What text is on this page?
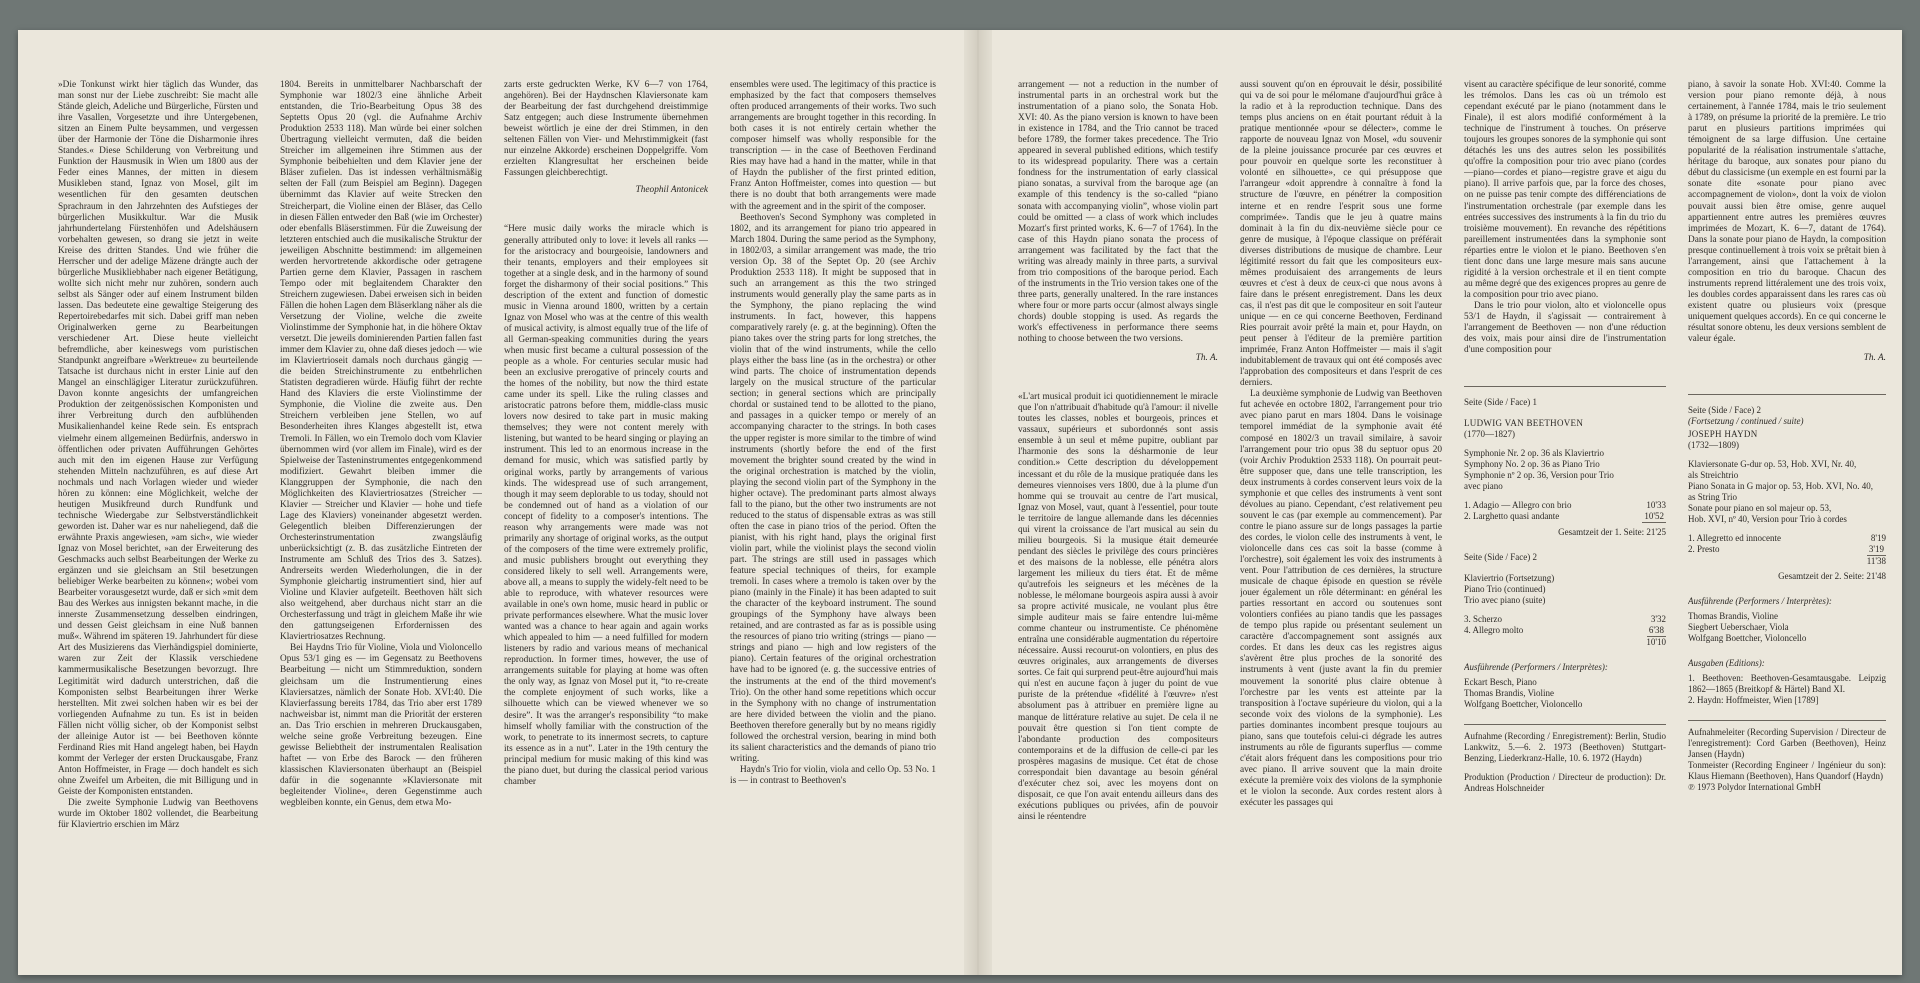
»Die Tonkunst wirkt hier täglich das Wunder, das man sonst nur der Liebe zuschreibt: Sie macht alle Stände gleich, Adeliche und Bürgerliche, Fürsten und ihre Vasallen, Vorgesetzte und ihre Untergebenen, sitzen an Einem Pulte beysammen, und vergessen über der Harmonie der Töne die Disharmonie ihres Standes.« Diese Schilderung von Verbreitung und Funktion der Hausmusik in Wien um 1800 aus der Feder eines Mannes, der mitten in diesem Musikleben stand, Ignaz von Mosel, gilt im wesentlichen für den gesamten deutschen Sprachraum in den Jahrzehnten des Aufstieges der bürgerlichen Musikkultur. War die Musik jahrhundertelang Fürstenhöfen und Adelshäusern vorbehalten gewesen, so drang sie jetzt in weite Kreise des dritten Standes. Und wie früher die Herrscher und der adelige Mäzene drängte auch der bürgerliche Musikliebhaber nach eigener Betätigung, wollte sich nicht mehr nur zuhören, sondern auch selbst als Sänger oder auf einem Instrument bilden lassen. Das bedeutete eine gewaltige Steigerung des Repertoirebedarfes mit sich. Dabei griff man neben Originalwerken gerne zu Bearbeitungen verschiedener Art. Diese heute vielleicht befremdliche, aber keineswegs vom puristischen Standpunkt angreifbare »Werktreue« zu beurteilende Tatsache ist durchaus nicht in erster Linie auf den Mangel an einschlägiger Literatur zurückzuführen. Davon konnte angesichts der umfangreichen Produktion der zeitgenössischen Komponisten und ihrer Verbreitung durch den aufblühenden Musikalienhandel keine Rede sein. Es entsprach vielmehr einem allgemeinen Bedürfnis, anderswo in öffentlichen oder privaten Aufführungen Gehörtes auch mit den im eigenen Hause zur Verfügung stehenden Mitteln nachzuführen, es auf diese Art nochmals und nach Vorlagen wieder und wieder hören zu können: eine Möglichkeit, welche der heutigen Musikfreund durch Rundfunk und technische Wiedergabe zur Selbstverständlichkeit geworden ist. Daher war es nur naheliegend, daß die erwähnte Praxis angewiesen, »am sich«, wie wieder Ignaz von Mosel berichtet, »an der Erweiterung des Geschmacks auch selbst Bearbeitungen der Werke zu ergänzen und sie gleichsam an Stil besetzungen beliebiger Werke bearbeiten zu können«; wobei vom Bearbeiter vorausgesetzt wurde, daß er sich »mit dem Bau des Werkes aus innigsten bekannt mache, in die innerste Zusammensetzung desselben eindringen, und dessen Geist gleichsam in eine Nuß bannen muß«. Während im späteren 19. Jahrhundert für diese Art des Musizierens das Vierhändigspiel dominierte, waren zur Zeit der Klassik verschiedene kammermusikalische Besetzungen bevorzugt. Ihre Legitimität wird dadurch unterstrichen, daß die Komponisten selbst Bearbeitungen ihrer Werke herstellten. Mit zwei solchen haben wir es bei der vorliegenden Aufnahme zu tun. Es ist in beiden Fällen nicht völlig sicher, ob der Komponist selbst der alleinige Autor ist — bei Beethoven könnte Ferdinand Ries mit Hand angelegt haben, bei Haydn kommt der Verleger der ersten Druckausgabe, Franz Anton Hoffmeister, in Frage — doch handelt es sich ohne Zweifel um Arbeiten, die mit Billigung und in Geiste der Komponisten entstanden.

Die zweite Symphonie Ludwig van Beethovens wurde im Oktober 1802 vollendet, die Bearbeitung für Klaviertrio erschien im März

1804. Bereits in unmittelbarer Nachbarschaft der Symphonie war 1802/3 eine ähnliche Arbeit entstanden, die Trio-Bearbeitung Opus 38 des Septetts Opus 20 (vgl. die Aufnahme Archiv Produktion 2533 118). Man würde bei einer solchen Übertragung vielleicht vermuten, daß die beiden Streicher im allgemeinen ihre Stimmen aus der Symphonie beibehielten und dem Klavier jene der Bläser zufielen. Das ist indessen verhältnismäßig selten der Fall (zum Beispiel am Beginn). Dagegen übernimmt das Klavier auf weite Strecken den Streicherpart, die Violine einen der Bläser, das Cello in diesen Fällen entweder den Baß (wie im Orchester) oder ebenfalls Bläserstimmen. Für die Zuweisung der letzteren entschied auch die musikalische Struktur der jeweiligen Abschnitte bestimmend: im allgemeinen werden hervortretende akkordische oder getragene Partien gerne dem Klavier, Passagen in raschem Tempo oder mit beglaitendem Charakter den Streichern zugewiesen. Dabei erweisen sich in beiden Fällen die hohen Lagen dem Bläserklang näher als die Versetzung der Violine, welche die zweite Violinstimme der Symphonie hat, in die höhere Oktav versetzt. Die jeweils dominierenden Partien fallen fast immer dem Klavier zu, ohne daß dieses jedoch — wie im Klaviertrioseit damals noch durchaus gängig — die beiden Streichinstrumente zu entbehrlichen Statisten degradieren würde. Häufig führt der rechte Hand des Klaviers die erste Violinstimme der Symphonie, die Violine die zweite aus. Den Streichern verbleiben jene Stellen, wo auf Besonderheiten ihres Klanges abgestellt ist, etwa Tremoli. In Fällen, wo ein Tremolo doch vom Klavier übernommen wird (vor allem im Finale), wird es der Spielweise der Tasteninstrumentes entgegenkommend modifiziert. Gewahrt bleiben immer die Klanggruppen der Symphonie, die nach den Möglichkeiten des Klaviertriosatzes (Streicher — Klavier — Streicher und Klavier — hohe und tiefe Lage des Klaviers) voneinander abgesetzt werden. Gelegentlich bleiben Differenzierungen der Orchesterinstrumentation zwangsläufig unberücksichtigt (z. B. das zusätzliche Eintreten der Instrumente am Schluß des Trios des 3. Satzes). Andrerseits werden Wiederholungen, die in der Symphonie gleichartig instrumentiert sind, hier auf Violine und Klavier aufgeteilt. Beethoven hält sich also weitgehend, aber durchaus nicht starr an die Orchesterfassung und trägt in gleichem Maße ihr wie den gattungseigenen Erfordernissen des Klaviertriosatzes Rechnung.

Bei Haydns Trio für Violine, Viola und Violoncello Opus 53/1 ging es — im Gegensatz zu Beethovens Bearbeitung — nicht um Stimmreduktion, sondern gleichsam um die Instrumentierung eines Klaviersatzes, nämlich der Sonate Hob. XVI:40. Die Klavierfassung bereits 1784, das Trio aber erst 1789 nachweisbar ist, nimmt man die Priorität der ersteren an. Das Trio erschien in mehreren Druckausgaben, welche seine große Verbreitung bezeugen. Eine gewisse Beliebtheit der instrumentalen Realisation haftet — von Erbe des Barock — den früheren klassischen Klaviersonaten überhaupt an (Beispiel dafür in die sogenannte »Klaviersonate mit begleitender Violine«, deren Gegenstimme auch wegbleiben konnte, ein Genus, dem etwa Mo-

zarts erste gedruckten Werke, KV 6—7 von 1764, angehören). Bei der Haydnschen Klaviersonate kam der Bearbeitung der fast durchgehend dreistimmige Satz entgegen; auch diese Instrumente übernehmen beweist wörtlich je eine der drei Stimmen, in den seltenen Fällen von Vier- und Mehrstimmigkeit (fast nur einzelne Akkorde) erscheinen Doppelgriffe. Vom erzielten Klangresultat her erscheinen beide Fassungen gleichberechtigt.

Theophil Antonicek

“Here music daily works the miracle which is generally attributed only to love: it levels all ranks — for the aristocracy and bourgeoisie, landowners and their tenants, employers and their employees sit together at a single desk, and in the harmony of sound forget the disharmony of their social positions.” This description of the extent and function of domestic music in Vienna around 1800, written by a certain Ignaz von Mosel who was at the centre of this wealth of musical activity, is almost equally true of the life of all German-speaking communities during the years when music first became a cultural possession of the people as a whole. For centuries secular music had been an exclusive prerogative of princely courts and the homes of the nobility, but now the third estate came under its spell. Like the ruling classes and aristocratic patrons before them, middle-class music lovers now desired to take part in music making themselves; they were not content merely with listening, but wanted to be heard singing or playing an instrument. This led to an enormous increase in the demand for music, which was satisfied partly by original works, partly by arrangements of various kinds. The widespread use of such arrangement, though it may seem deplorable to us today, should not be condemned out of hand as a violation of our concept of fidelity to a composer's intentions. The reason why arrangements were made was not primarily any shortage of original works, as the output of the composers of the time were extremely prolific, and music publishers brought out everything they considered likely to sell well. Arrangements were, above all, a means to supply the widely-felt need to be able to reproduce, with whatever resources were available in one's own home, music heard in public or private performances elsewhere. What the music lover wanted was a chance to hear again and again works which appealed to him — a need fulfilled for modern listeners by radio and various means of mechanical reproduction. In former times, however, the use of arrangements suitable for playing at home was often the only way, as Ignaz von Mosel put it, “to re-create the complete enjoyment of such works, like a silhouette which can be viewed whenever we so desire”. It was the arranger's responsibility “to make himself wholly familiar with the construction of the work, to penetrate to its innermost secrets, to capture its essence as in a nut”. Later in the 19th century the principal medium for music making of this kind was the piano duet, but during the classical period various chamber

ensembles were used. The legitimacy of this practice is emphasized by the fact that composers themselves often produced arrangements of their works. Two such arrangements are brought together in this recording. In both cases it is not entirely certain whether the composer himself was wholly responsible for the transcription — in the case of Beethoven Ferdinand Ries may have had a hand in the matter, while in that of Haydn the publisher of the first printed edition, Franz Anton Hoffmeister, comes into question — but there is no doubt that both arrangements were made with the agreement and in the spirit of the composer.

Beethoven's Second Symphony was completed in 1802, and its arrangement for piano trio appeared in March 1804. During the same period as the Symphony, in 1802/03, a similar arrangement was made, the trio version Op. 38 of the Septet Op. 20 (see Archiv Produktion 2533 118). It might be supposed that in such an arrangement as this the two stringed instruments would generally play the same parts as in the Symphony, the piano replacing the wind instruments. In fact, however, this happens comparatively rarely (e. g. at the beginning). Often the piano takes over the string parts for long stretches, the violin that of the wind instruments, while the cello plays either the bass line (as in the orchestra) or other wind parts. The choice of instrumentation depends largely on the musical structure of the particular section; in general sections which are principally chordal or sustained tend to be allotted to the piano, and passages in a quicker tempo or merely of an accompanying character to the strings. In both cases the upper register is more similar to the timbre of wind instruments (shortly before the end of the first movement the brighter sound created by the wind in the original orchestration is matched by the violin, playing the second violin part of the Symphony in the higher octave). The predominant parts almost always fall to the piano, but the other two instruments are not reduced to the status of dispensable extras as was still often the case in piano trios of the period. Often the pianist, with his right hand, plays the original first violin part, while the violinist plays the second violin part. The strings are still used in passages which feature special techniques of theirs, for example tremoli. In cases where a tremolo is taken over by the piano (mainly in the Finale) it has been adapted to suit the character of the keyboard instrument. The sound groupings of the Symphony have always been retained, and are contrasted as far as is possible using the resources of piano trio writing (strings — piano — strings and piano — high and low registers of the piano). Certain features of the original orchestration have had to be ignored (e. g. the successive entries of the instruments at the end of the third movement's Trio). On the other hand some repetitions which occur in the Symphony with no change of instrumentation are here divided between the violin and the piano. Beethoven therefore generally but by no means rigidly followed the orchestral version, bearing in mind both its salient characteristics and the demands of piano trio writing.

Haydn's Trio for violin, viola and cello Op. 53 No. 1 is — in contrast to Beethoven's

arrangement — not a reduction in the number of instrumental parts in an orchestral work but the instrumentation of a piano solo, the Sonata Hob. XVI: 40. As the piano version is known to have been in existence in 1784, and the Trio cannot be traced before 1789, the former takes precedence. The Trio appeared in several published editions, which testify to its widespread popularity. There was a certain fondness for the instrumentation of early classical piano sonatas, a survival from the baroque age (an example of this tendency is the so-called “piano sonata with accompanying violin”, whose violin part could be omitted — a class of work which includes Mozart's first printed works, K. 6—7 of 1764). In the case of this Haydn piano sonata the process of arrangement was facilitated by the fact that the writing was already mainly in three parts, a survival from trio compositions of the baroque period. Each of the instruments in the Trio version takes one of the three parts, generally unaltered. In the rare instances where four or more parts occur (almost always single chords) double stopping is used. As regards the work's effectiveness in performance there seems nothing to choose between the two versions.

Th. A.

«L'art musical produit ici quotidiennement le miracle que l'on n'attribuait d'habitude qu'à l'amour: il nivelle toutes les classes, nobles et bourgeois, princes et vassaux, supérieurs et subordonnés sont assis ensemble à un seul et même pupitre, oubliant par l'harmonie des sons la désharmonie de leur condition.» Cette description du développement incessant et du rôle de la musique pratiquée dans les demeures viennoises vers 1800, due à la plume d'un homme qui se trouvait au centre de l'art musical, Ignaz von Mosel, vaut, quant à l'essentiel, pour toute le territoire de langue allemande dans les décennies qui virent la croissance de l'art musical au sein du milieu bourgeois. Si la musique était demeurée pendant des siècles le privilège des cours princières et des maisons de la noblesse, elle pénétra alors largement les milieux du tiers état. Et de même qu'autrefois les seigneurs et les mécènes de la noblesse, le mélomane bourgeois aspira aussi à avoir sa propre activité musicale, ne voulant plus être simple auditeur mais se faire entendre lui-même comme chanteur ou instrumentiste. Ce phénomène entraîna une considérable augmentation du répertoire nécessaire. Aussi recourut-on volontiers, en plus des œuvres originales, aux arrangements de diverses sortes. Ce fait qui surprend peut-être aujourd'hui mais qui n'est en aucune façon à juger du point de vue puriste de la prétendue «fidélité à l'œuvre» n'est absolument pas à attribuer en première ligne au manque de littérature relative au sujet. De cela il ne pouvait être question si l'on tient compte de l'abondante production des compositeurs contemporains et de la diffusion de celle-ci par les prospères magasins de musique. Cet état de chose correspondait bien davantage au besoin général d'exécuter chez soi, avec les moyens dont on disposait, ce que l'on avait entendu ailleurs dans des exécutions publiques ou privées, afin de pouvoir ainsi le réentendre

aussi souvent qu'on en éprouvait le désir, possibilité qui va de soi pour le mélomane d'aujourd'hui grâce à la radio et à la reproduction technique. Dans des temps plus anciens on en était pourtant réduit à la pratique mentionnée «pour se délecter», comme le rapporte de nouveau Ignaz von Mosel, «du souvenir de la pleine jouissance procurée par ces œuvres et pour pouvoir en quelque sorte les reconstituer à volonté en silhouette», ce qui présuppose que l'arrangeur «doit apprendre à connaître à fond la structure de l'œuvre, en pénétrer la composition interne et en rendre l'esprit sous une forme comprimée». Tandis que le jeu à quatre mains dominait à la fin du dix-neuvième siècle pour ce genre de musique, à l'époque classique on préférait diverses distributions de musique de chambre. Leur légitimité ressort du fait que les compositeurs eux-mêmes produisaient des arrangements de leurs œuvres et c'est à deux de ceux-ci que nous avons à faire dans le présent enregistrement. Dans les deux cas, il n'est pas dit que le compositeur en soit l'auteur unique — en ce qui concerne Beethoven, Ferdinand Ries pourrait avoir prêté la main et, pour Haydn, on peut penser à l'éditeur de la première partition imprimée, Franz Anton Hoffmeister — mais il s'agit indubitablement de travaux qui ont été composés avec l'approbation des compositeurs et dans l'esprit de ces derniers.

La deuxième symphonie de Ludwig van Beethoven fut achevée en octobre 1802, l'arrangement pour trio avec piano parut en mars 1804. Dans le voisinage temporel immédiat de la symphonie avait été composé en 1802/3 un travail similaire, à savoir l'arrangement pour trio opus 38 du septuor opus 20 (voir Archiv Produktion 2533 118). On pourrait peut-être supposer que, dans une telle transcription, les deux instruments à cordes conservent leurs voix de la symphonie et que celles des instruments à vent sont dévolues au piano. Cependant, c'est relativement peu souvent le cas (par exemple au commencement). Par contre le piano assure sur de longs passages la partie des cordes, le violon celle des instruments à vent, le violoncelle dans ces cas soit la basse (comme à l'orchestre), soit également les voix des instruments à vent. Pour l'attribution de ces dernières, la structure musicale de chaque épisode en question se révèle jouer également un rôle déterminant: en général les parties ressortant en accord ou soutenues sont volontiers confiées au piano tandis que les passages de tempo plus rapide ou présentant seulement un caractère d'accompagnement sont assignés aux cordes. Et dans les deux cas les registres aigus s'avèrent être plus proches de la sonorité des instruments à vent (juste avant la fin du premier mouvement la sonorité plus claire obtenue à l'orchestre par les vents est atteinte par la transposition à l'octave supérieure du violon, qui a la seconde voix des violons de la symphonie). Les parties dominantes incombent presque toujours au piano, sans que toutefois celui-ci dégrade les autres instruments au rôle de figurants superflus — comme c'était alors fréquent dans les compositions pour trio avec piano. Il arrive souvent que la main droite exécute la première voix des violons de la symphonie et le violon la seconde. Aux cordes restent alors à exécuter les passages qui

visent au caractère spécifique de leur sonorité, comme les trémolos. Dans les cas où un trémolo est cependant exécuté par le piano (notamment dans le Finale), il est alors modifié conformément à la technique de l'instrument à touches. On préserve toujours les groupes sonores de la symphonie qui sont détachés les uns des autres selon les possibilités qu'offre la composition pour trio avec piano (cordes—piano—cordes et piano—registre grave et aigu du piano). Il arrive parfois que, par la force des choses, on ne puisse pas tenir compte des différenciations de l'instrumentation orchestrale (par exemple dans les entrées successives des instruments à la fin du trio du troisième mouvement). En revanche des répétitions pareillement instrumentées dans la symphonie sont réparties entre le violon et le piano. Beethoven s'en tient donc dans une large mesure mais sans aucune rigidité à la version orchestrale et il en tient compte au même degré que des exigences propres au genre de la composition pour trio avec piano.

Dans le trio pour violon, alto et violoncelle opus 53/1 de Haydn, il s'agissait — contrairement à l'arrangement de Beethoven — non d'une réduction des voix, mais pour ainsi dire de l'instrumentation d'une composition pour

Seite (Side / Face) 1
LUDWIG VAN BEETHOVEN
(1770—1827)
Symphonie Nr. 2 op. 36 als Klaviertrio
Symphony No. 2 op. 36 as Piano Trio
Symphonie nº 2 op. 36, Version pour Trio
avec piano
1. Adagio — Allegro con brio	10'33
2. Larghetto quasi andante	10'52
Gesamtzeit der 1. Seite: 21'25
Seite (Side / Face) 2
Klaviertrio (Fortsetzung)
Piano Trio (continued)
Trio avec piano (suite)
3. Scherzo	3'32
4. Allegro molto	6'38
10'10
Ausführende (Performers / Interprètes):
Eckart Besch, Piano
Thomas Brandis, Violine
Wolfgang Boettcher, Violoncello
Aufnahme (Recording / Enregistrement): Berlin, Studio Lankwitz, 5.—6. 2. 1973 (Beethoven) Stuttgart-Benzing, Liederkranz-Halle, 10. 6. 1972 (Haydn)
Produktion (Production / Directeur de production): Dr. Andreas Holschneider

piano, à savoir la sonate Hob. XVI:40. Comme la version pour piano remonte déjà, à nous certainement, à l'année 1784, mais le trio seulement à 1789, on présume la priorité de la première. Le trio parut en plusieurs partitions imprimées qui témoignent de sa large diffusion. Une certaine popularité de la réalisation instrumentale s'attache, héritage du baroque, aux sonates pour piano du début du classicisme (un exemple en est fourni par la sonate dite «sonate pour piano avec accompagnement de violon», dont la voix de violon pouvait aussi bien être omise, genre auquel appartiennent entre autres les premières œuvres imprimées de Mozart, K. 6—7, datant de 1764). Dans la sonate pour piano de Haydn, la composition presque continuellement à trois voix se prêtait bien à l'arrangement, ainsi que l'attachement à la composition en trio du baroque. Chacun des instruments reprend littéralement une des trois voix, les doubles cordes apparaissent dans les rares cas où existent quatre ou plusieurs voix (presque uniquement quelques accords). En ce qui concerne le résultat sonore obtenu, les deux versions semblent de valeur égale.

Th. A.

Seite (Side / Face) 2
(Fortsetzung / continued / suite)
JOSEPH HAYDN
(1732—1809)
Klaviersonate G-dur op. 53, Hob. XVI, Nr. 40,
als Streichtrio
Piano Sonata in G major op. 53, Hob. XVI, No. 40,
as String Trio
Sonate pour piano en sol majeur op. 53,
Hob. XVI, nº 40, Version pour Trio à cordes
1. Allegretto ed innocente	8'19
2. Presto	3'19
11'38
Gesamtzeit der 2. Seite: 21'48
Ausführende (Performers / Interprètes):
Thomas Brandis, Violine
Siegbert Ueberschaer, Viola
Wolfgang Boettcher, Violoncello
Ausgaben (Editions):
1. Beethoven: Beethoven-Gesamtausgabe. Leipzig 1862—1865 (Breitkopf & Härtel) Band XI.
2. Haydn: Hoffmeister, Wien [1789]
Aufnahmeleiter (Recording Supervision / Directeur de l'enregistrement): Cord Garben (Beethoven), Heinz Jansen (Haydn)
Tonmeister (Recording Engineer / Ingénieur du son): Klaus Hiemann (Beethoven), Hans Quandorf (Haydn)
℗ 1973 Polydor International GmbH
